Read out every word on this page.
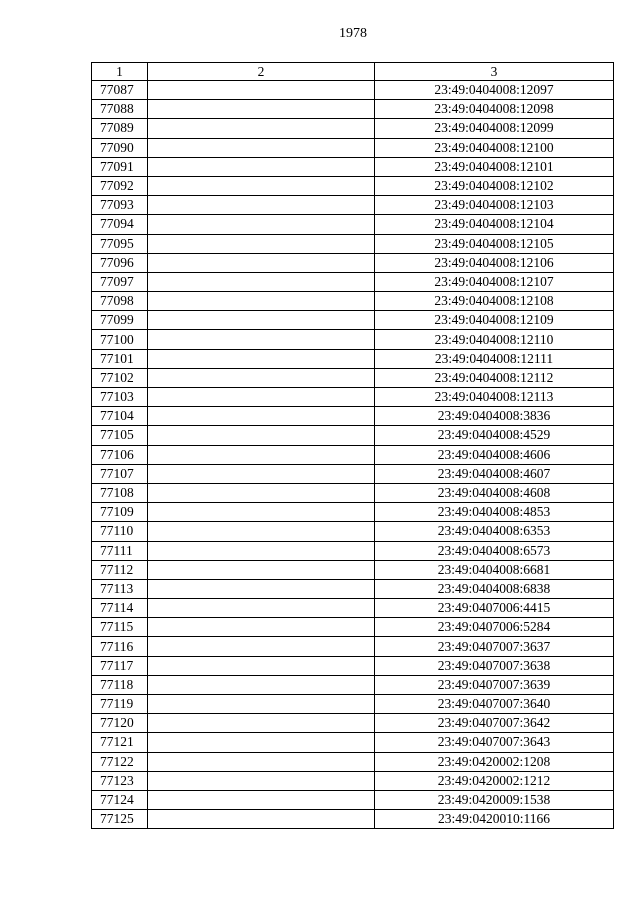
1978
1	2	3
77087		23:49:0404008:12097
77088		23:49:0404008:12098
77089		23:49:0404008:12099
77090		23:49:0404008:12100
77091		23:49:0404008:12101
77092		23:49:0404008:12102
77093		23:49:0404008:12103
77094		23:49:0404008:12104
77095		23:49:0404008:12105
77096		23:49:0404008:12106
77097		23:49:0404008:12107
77098		23:49:0404008:12108
77099		23:49:0404008:12109
77100		23:49:0404008:12110
77101		23:49:0404008:12111
77102		23:49:0404008:12112
77103		23:49:0404008:12113
77104		23:49:0404008:3836
77105		23:49:0404008:4529
77106		23:49:0404008:4606
77107		23:49:0404008:4607
77108		23:49:0404008:4608
77109		23:49:0404008:4853
77110		23:49:0404008:6353
77111		23:49:0404008:6573
77112		23:49:0404008:6681
77113		23:49:0404008:6838
77114		23:49:0407006:4415
77115		23:49:0407006:5284
77116		23:49:0407007:3637
77117		23:49:0407007:3638
77118		23:49:0407007:3639
77119		23:49:0407007:3640
77120		23:49:0407007:3642
77121		23:49:0407007:3643
77122		23:49:0420002:1208
77123		23:49:0420002:1212
77124		23:49:0420009:1538
77125		23:49:0420010:1166
